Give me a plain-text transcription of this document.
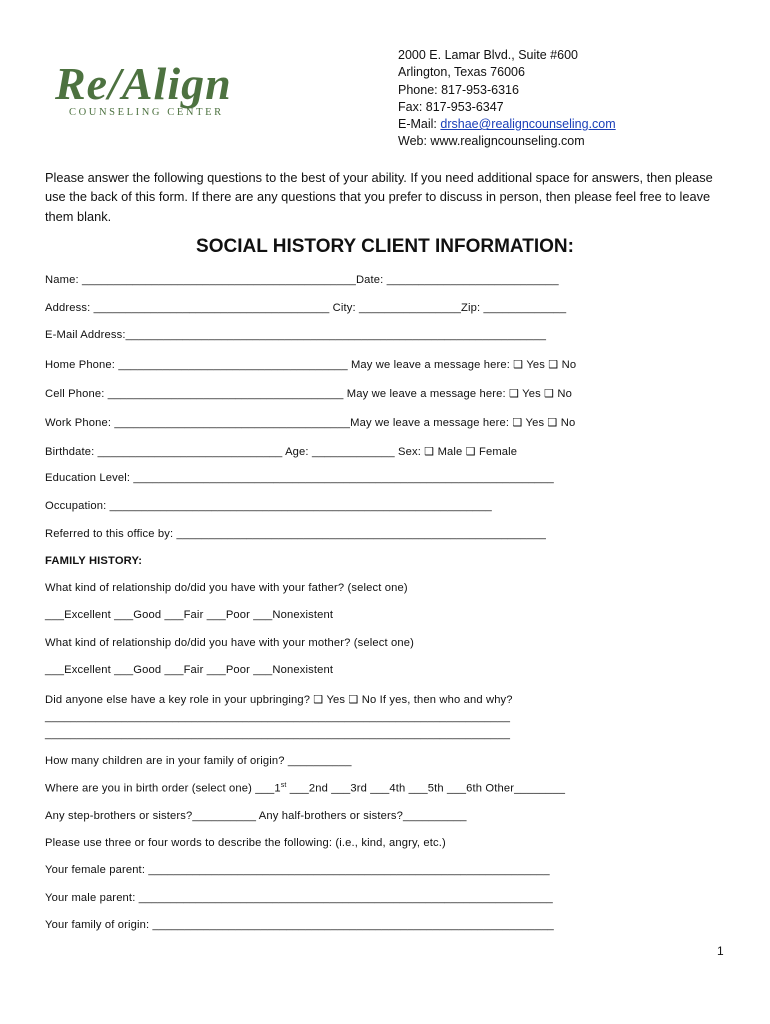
Re/Align
COUNSELING CENTER
2000 E. Lamar Blvd., Suite #600
Arlington, Texas 76006
Phone: 817-953-6316
Fax: 817-953-6347
E-Mail: drshae@realigncounseling.com
Web: www.realigncounseling.com
Please answer the following questions to the best of your ability. If you need additional space for answers, then please use the back of this form. If there are any questions that you prefer to discuss in person, then please feel free to leave them blank.
SOCIAL HISTORY CLIENT INFORMATION:
Name: ___________________________________________Date: ___________________________
Address: _____________________________________ City: ________________Zip: _____________
E-Mail Address:__________________________________________________________________
Home Phone: ____________________________________ May we leave a message here: ❑ Yes ❑ No
Cell Phone: _____________________________________ May we leave a message here: ❑ Yes ❑ No
Work Phone: _____________________________________May we leave a message here: ❑ Yes ❑ No
Birthdate: _____________________________ Age: _____________ Sex: ❑ Male ❑ Female
Education Level: __________________________________________________________________
Occupation: ____________________________________________________________
Referred to this office by: __________________________________________________________
FAMILY HISTORY:
What kind of relationship do/did you have with your father? (select one)
___Excellent ___Good ___Fair ___Poor ___Nonexistent
What kind of relationship do/did you have with your mother? (select one)
___Excellent ___Good ___Fair ___Poor ___Nonexistent
Did anyone else have a key role in your upbringing? ❑ Yes ❑ No If yes, then who and why?
_________________________________________________________________________
_________________________________________________________________________
How many children are in your family of origin? __________
Where are you in birth order (select one) ___1st ___2nd ___3rd ___4th ___5th ___6th Other________
Any step-brothers or sisters?__________ Any half-brothers or sisters?__________
Please use three or four words to describe the following: (i.e., kind, angry, etc.)
Your female parent: _______________________________________________________________
Your male parent: _________________________________________________________________
Your family of origin: _______________________________________________________________
1
